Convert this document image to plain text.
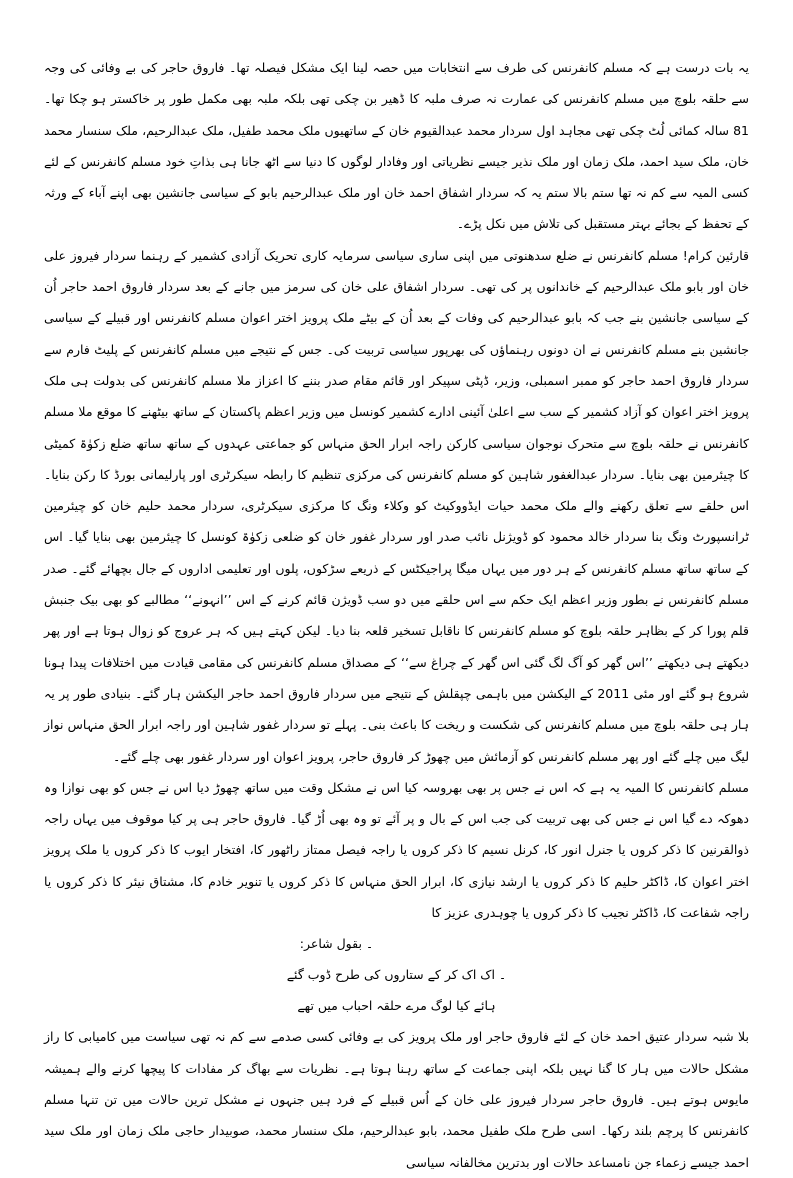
یہ بات درست ہے کہ مسلم کانفرنس کی طرف سے انتخابات میں حصہ لینا ایک مشکل فیصلہ تھا۔ فاروق حاجر کی بے وفائی کی وجہ سے حلقہ بلوچ میں مسلم کانفرنس کی عمارت نہ صرف ملبہ کا ڈھیر بن چکی تھی بلکہ ملبہ بھی مکمل طور پر خاکستر ہو چکا تھا۔ 81 سالہ کمائی لُٹ چکی تھی مجاہد اول سردار محمد عبدالقیوم خان کے ساتھیوں ملک محمد طفیل، ملک عبدالرحیم، ملک سنسار محمد خان، ملک سید احمد، ملک زمان اور ملک نذیر جیسے نظریاتی اور وفادار لوگوں کا دنیا سے اٹھ جانا ہی بذاتِ خود مسلم کانفرنس کے لئے کسی المیہ سے کم نہ تھا ستم بالا ستم یہ کہ سردار اشفاق احمد خان اور ملک عبدالرحیم بابو کے سیاسی جانشین بھی اپنے آباء کے ورثہ کے تحفظ کے بجائے بہتر مستقبل کی تلاش میں نکل پڑے۔

قارئین کرام! مسلم کانفرنس نے ضلع سدھنوتی میں اپنی ساری سیاسی سرمایہ کاری تحریک آزادی کشمیر کے رہنما سردار فیروز علی خان اور بابو ملک عبدالرحیم کے خاندانوں پر کی تھی۔ سردار اشفاق علی خان کی سرمز میں جانے کے بعد سردار فاروق احمد حاجر اُن کے سیاسی جانشین بنے جب کہ بابو عبدالرحیم کی وفات کے بعد اُن کے بیٹے ملک پرویز اختر اعوان مسلم کانفرنس اور قبیلے کے سیاسی جانشین بنے مسلم کانفرنس نے ان دونوں رہنماؤں کی بھرپور سیاسی تربیت کی۔ جس کے نتیجے میں مسلم کانفرنس کے پلیٹ فارم سے سردار فاروق احمد حاجر کو ممبر اسمبلی، وزیر، ڈپٹی سپیکر اور قائم مقام صدر بننے کا اعزاز ملا مسلم کانفرنس کی بدولت ہی ملک پرویز اختر اعوان کو آزاد کشمیر کے سب سے اعلیٰ آئینی ادارے کشمیر کونسل میں وزیر اعظم پاکستان کے ساتھ بیٹھنے کا موقع ملا مسلم کانفرنس نے حلقہ بلوچ سے متحرک نوجوان سیاسی کارکن راجہ ابرار الحق منہاس کو جماعتی عہدوں کے ساتھ ساتھ ضلع زکوٰۃ کمیٹی کا چیئرمین بھی بنایا۔ سردار عبدالغفور شاہین کو مسلم کانفرنس کی مرکزی تنظیم کا رابطہ سیکرٹری اور پارلیمانی بورڈ کا رکن بنایا۔ اس حلقے سے تعلق رکھنے والے ملک محمد حیات ایڈووکیٹ کو وکلاء ونگ کا مرکزی سیکرٹری، سردار محمد حلیم خان کو چیئرمین ٹرانسپورٹ ونگ بنا سردار خالد محمود کو ڈویژنل نائب صدر اور سردار غفور خان کو ضلعی زکوٰۃ کونسل کا چیئرمین بھی بنایا گیا۔ اس کے ساتھ ساتھ مسلم کانفرنس کے ہر دور میں یہاں میگا پراجیکٹس کے ذریعے سڑکوں، پلوں اور تعلیمی اداروں کے جال بچھائے گئے۔ صدر مسلم کانفرنس نے بطور وزیر اعظم ایک حکم سے اس حلقے میں دو سب ڈویژن قائم کرنے کے اس ’’انہونے‘‘ مطالبے کو بھی بیک جنبش قلم پورا کر کے بظاہر حلقہ بلوچ کو مسلم کانفرنس کا ناقابل تسخیر قلعہ بنا دیا۔ لیکن کہتے ہیں کہ ہر عروج کو زوال ہوتا ہے اور پھر دیکھتے ہی دیکھتے ’’اس گھر کو آگ لگ گئی اس گھر کے چراغ سے‘‘ کے مصداق مسلم کانفرنس کی مقامی قیادت میں اختلافات پیدا ہونا شروع ہو گئے اور مئی 2011 کے الیکشن میں باہمی چپقلش کے نتیجے میں سردار فاروق احمد حاجر الیکشن ہار گئے۔ بنیادی طور پر یہ ہار ہی حلقہ بلوچ میں مسلم کانفرنس کی شکست و ریخت کا باعث بنی۔ پہلے تو سردار غفور شاہین اور راجہ ابرار الحق منہاس نواز لیگ میں چلے گئے اور پھر مسلم کانفرنس کو آزمائش میں چھوڑ کر فاروق حاجر، پرویز اعوان اور سردار غفور بھی چلے گئے۔

مسلم کانفرنس کا المیہ یہ ہے کہ اس نے جس پر بھی بھروسہ کیا اس نے مشکل وقت میں ساتھ چھوڑ دیا اس نے جس کو بھی نوازا وہ دھوکہ دے گیا اس نے جس کی بھی تربیت کی جب اس کے بال و پر آئے تو وہ بھی اُڑ گیا۔ فاروق حاجر ہی پر کیا موقوف میں یہاں راجہ ذوالقرنین کا ذکر کروں یا جنرل انور کا، کرنل نسیم کا ذکر کروں یا راجہ فیصل ممتاز راٹھور کا، افتخار ایوب کا ذکر کروں یا ملک پرویز اختر اعوان کا، ڈاکٹر حلیم کا ذکر کروں یا ارشد نیازی کا، ابرار الحق منہاس کا ذکر کروں یا تنویر خادم کا، مشتاق نیئر کا ذکر کروں یا راجہ شفاعت کا، ڈاکٹر نجیب کا ذکر کروں یا چوہدری عزیز کا

۔ بقول شاعر:
۔ اک اک کر کے ستاروں کی طرح ڈوب گئے
ہائے کیا لوگ مرے حلقہ احباب میں تھے

بلا شبہ سردار عتیق احمد خان کے لئے فاروق حاجر اور ملک پرویز کی بے وفائی کسی صدمے سے کم نہ تھی سیاست میں کامیابی کا راز مشکل حالات میں ہار کا گنا نہیں بلکہ اپنی جماعت کے ساتھ رہنا ہوتا ہے۔ نظریات سے بھاگ کر مفادات کا پیچھا کرنے والے ہمیشہ مایوس ہوتے ہیں۔ فاروق حاجر سردار فیروز علی خان کے اُس قبیلے کے فرد ہیں جنہوں نے مشکل ترین حالات میں تن تنہا مسلم کانفرنس کا پرچم بلند رکھا۔ اسی طرح ملک طفیل محمد، بابو عبدالرحیم، ملک سنسار محمد، صوبیدار حاجی ملک زمان اور ملک سید احمد جیسے زعماء جن نامساعد حالات اور بدترین مخالفانہ سیاسی
